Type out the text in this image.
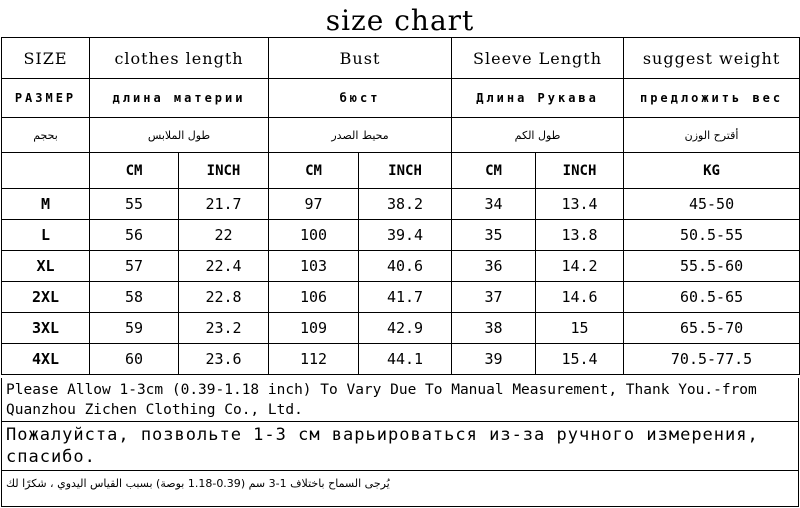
size chart
SIZE	clothes length		Bust		Sleeve Length		suggest weight
РАЗМЕР	длина материи		бюст		Длина Рукава		предложить вес
بحجم	طول الملابس		محيط الصدر		طول الكم		أقترح الوزن
	CM	INCH	CM	INCH	CM	INCH	KG
M	55	21.7	97	38.2	34	13.4	45-50
L	56	22	100	39.4	35	13.8	50.5-55
XL	57	22.4	103	40.6	36	14.2	55.5-60
2XL	58	22.8	106	41.7	37	14.6	60.5-65
3XL	59	23.2	109	42.9	38	15	65.5-70
4XL	60	23.6	112	44.1	39	15.4	70.5-77.5
Please Allow 1-3cm (0.39-1.18 inch) To Vary Due To Manual Measurement, Thank You.-from Quanzhou Zichen Clothing Co., Ltd.
Пожалуйста, позвольте 1-3 см варьироваться из-за ручного измерения, спасибо.
يُرجى السماح باختلاف 1-3 سم (0.39-1.18 بوصة) بسبب القياس اليدوي ، شكرًا لك
